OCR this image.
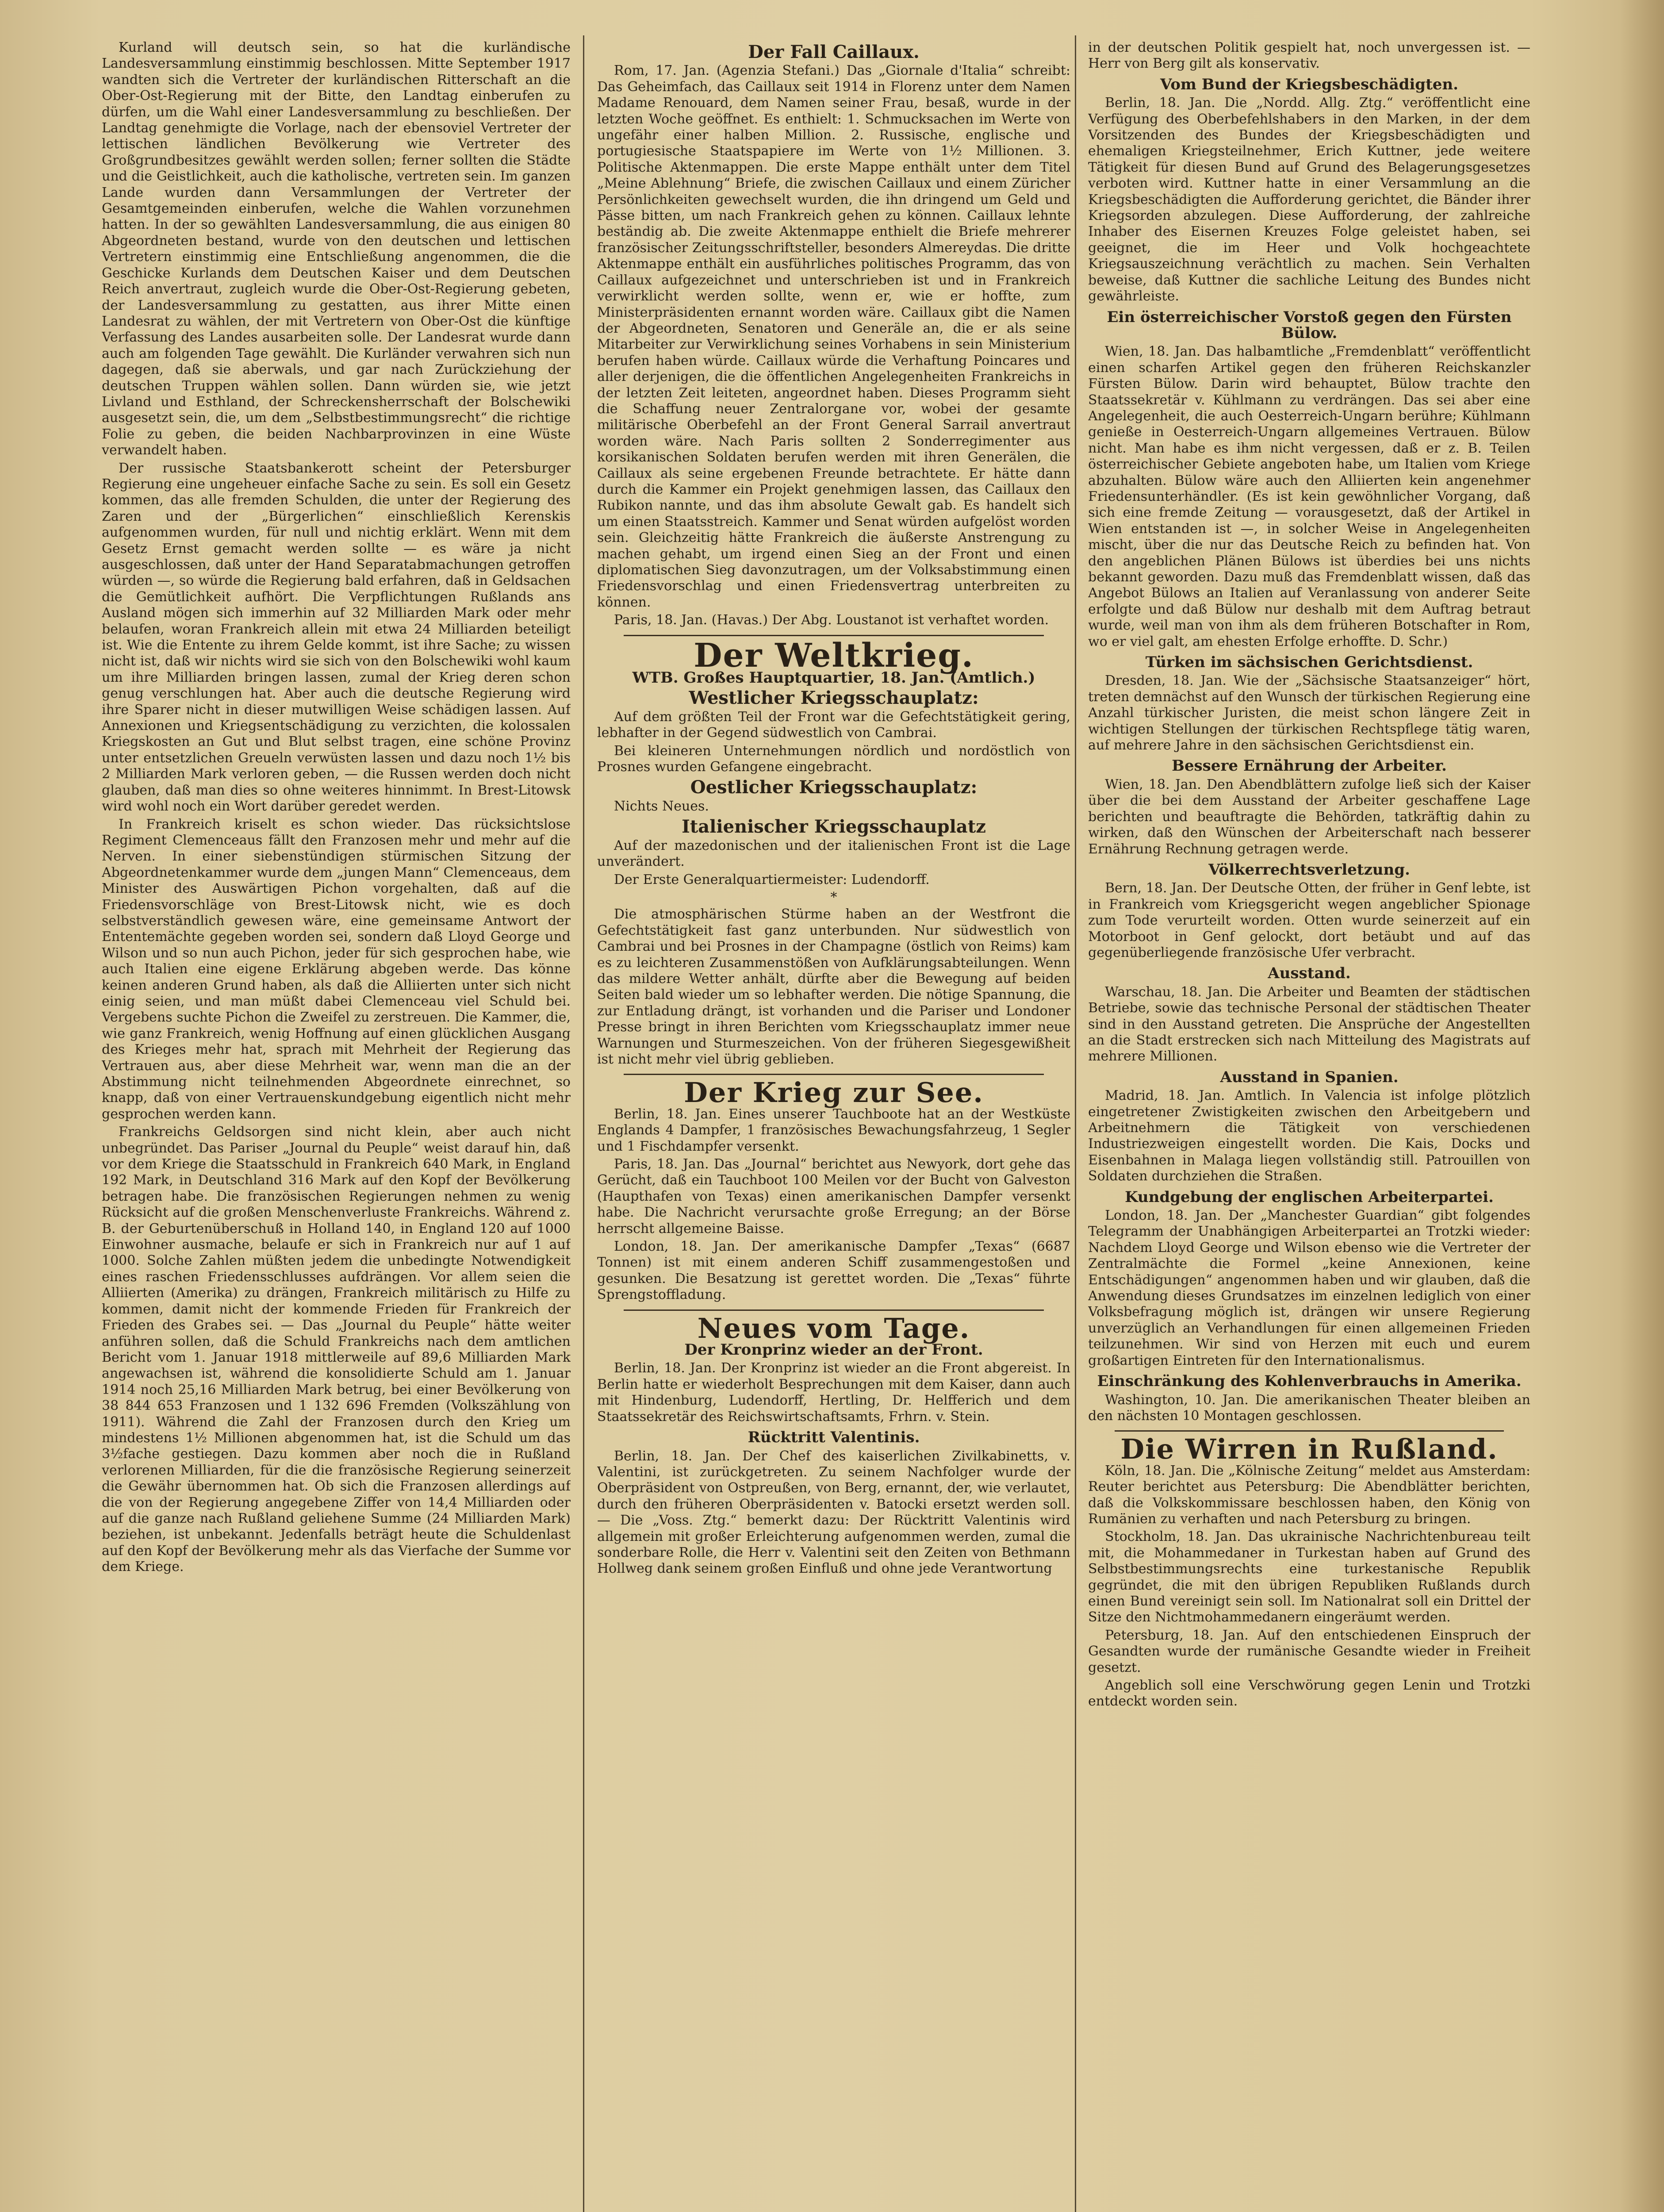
Kurland will deutsch sein, so hat die kurländische Landesversammlung einstimmig beschlossen. Mitte September 1917 wandten sich die Vertreter der kurländischen Ritterschaft an die Ober-Ost-Regierung mit der Bitte, den Landtag einberufen zu dürfen, um die Wahl einer Landesversammlung zu beschließen. Der Landtag genehmigte die Vorlage, nach der ebensoviel Vertreter der lettischen ländlichen Bevölkerung wie Vertreter des Großgrundbesitzes gewählt werden sollen; ferner sollten die Städte und die Geistlichkeit, auch die katholische, vertreten sein. Im ganzen Lande wurden dann Versammlungen der Vertreter der Gesamtgemeinden einberufen, welche die Wahlen vorzunehmen hatten. In der so gewählten Landesversammlung, die aus einigen 80 Abgeordneten bestand, wurde von den deutschen und lettischen Vertretern einstimmig eine Entschließung angenommen, die die Geschicke Kurlands dem Deutschen Kaiser und dem Deutschen Reich anvertraut, zugleich wurde die Ober-Ost-Regierung gebeten, der Landesversammlung zu gestatten, aus ihrer Mitte einen Landesrat zu wählen, der mit Vertretern von Ober-Ost die künftige Verfassung des Landes ausarbeiten solle. Der Landesrat wurde dann auch am folgenden Tage gewählt. Die Kurländer verwahren sich nun dagegen, daß sie aberwals, und gar nach Zurückziehung der deutschen Truppen wählen sollen. Dann würden sie, wie jetzt Livland und Esthland, der Schreckensherrschaft der Bolschewiki ausgesetzt sein, die, um dem „Selbstbestimmungsrecht“ die richtige Folie zu geben, die beiden Nachbarprovinzen in eine Wüste verwandelt haben.

Der russische Staatsbankerott scheint der Petersburger Regierung eine ungeheuer einfache Sache zu sein. Es soll ein Gesetz kommen, das alle fremden Schulden, die unter der Regierung des Zaren und der „Bürgerlichen“ einschließlich Kerenskis aufgenommen wurden, für null und nichtig erklärt. Wenn mit dem Gesetz Ernst gemacht werden sollte — es wäre ja nicht ausgeschlossen, daß unter der Hand Separatabmachungen getroffen würden —, so würde die Regierung bald erfahren, daß in Geldsachen die Gemütlichkeit aufhört. Die Verpflichtungen Rußlands ans Ausland mögen sich immerhin auf 32 Milliarden Mark oder mehr belaufen, woran Frankreich allein mit etwa 24 Milliarden beteiligt ist. Wie die Entente zu ihrem Gelde kommt, ist ihre Sache; zu wissen nicht ist, daß wir nichts wird sie sich von den Bolschewiki wohl kaum um ihre Milliarden bringen lassen, zumal der Krieg deren schon genug verschlungen hat. Aber auch die deutsche Regierung wird ihre Sparer nicht in dieser mutwilligen Weise schädigen lassen. Auf Annexionen und Kriegsentschädigung zu verzichten, die kolossalen Kriegskosten an Gut und Blut selbst tragen, eine schöne Provinz unter entsetzlichen Greueln verwüsten lassen und dazu noch 1½ bis 2 Milliarden Mark verloren geben, — die Russen werden doch nicht glauben, daß man dies so ohne weiteres hinnimmt. In Brest-Litowsk wird wohl noch ein Wort darüber geredet werden.

In Frankreich kriselt es schon wieder. Das rücksichtslose Regiment Clemenceaus fällt den Franzosen mehr und mehr auf die Nerven. In einer siebenstündigen stürmischen Sitzung der Abgeordnetenkammer wurde dem „jungen Mann“ Clemenceaus, dem Minister des Auswärtigen Pichon vorgehalten, daß auf die Friedensvorschläge von Brest-Litowsk nicht, wie es doch selbstverständlich gewesen wäre, eine gemeinsame Antwort der Ententemächte gegeben worden sei, sondern daß Lloyd George und Wilson und so nun auch Pichon, jeder für sich gesprochen habe, wie auch Italien eine eigene Erklärung abgeben werde. Das könne keinen anderen Grund haben, als daß die Alliierten unter sich nicht einig seien, und man müßt dabei Clemenceau viel Schuld bei. Vergebens suchte Pichon die Zweifel zu zerstreuen. Die Kammer, die, wie ganz Frankreich, wenig Hoffnung auf einen glücklichen Ausgang des Krieges mehr hat, sprach mit Mehrheit der Regierung das Vertrauen aus, aber diese Mehrheit war, wenn man die an der Abstimmung nicht teilnehmenden Abgeordnete einrechnet, so knapp, daß von einer Vertrauenskundgebung eigentlich nicht mehr gesprochen werden kann.

Frankreichs Geldsorgen sind nicht klein, aber auch nicht unbegründet. Das Pariser „Journal du Peuple“ weist darauf hin, daß vor dem Kriege die Staatsschuld in Frankreich 640 Mark, in England 192 Mark, in Deutschland 316 Mark auf den Kopf der Bevölkerung betragen habe. Die französischen Regierungen nehmen zu wenig Rücksicht auf die großen Menschenverluste Frankreichs. Während z. B. der Geburtenüberschuß in Holland 140, in England 120 auf 1000 Einwohner ausmache, belaufe er sich in Frankreich nur auf 1 auf 1000. Solche Zahlen müßten jedem die unbedingte Notwendigkeit eines raschen Friedensschlusses aufdrängen. Vor allem seien die Alliierten (Amerika) zu drängen, Frankreich militärisch zu Hilfe zu kommen, damit nicht der kommende Frieden für Frankreich der Frieden des Grabes sei. — Das „Journal du Peuple“ hätte weiter anführen sollen, daß die Schuld Frankreichs nach dem amtlichen Bericht vom 1. Januar 1918 mittlerweile auf 89,6 Milliarden Mark angewachsen ist, während die konsolidierte Schuld am 1. Januar 1914 noch 25,16 Milliarden Mark betrug, bei einer Bevölkerung von 38 844 653 Franzosen und 1 132 696 Fremden (Volkszählung von 1911). Während die Zahl der Franzosen durch den Krieg um mindestens 1½ Millionen abgenommen hat, ist die Schuld um das 3½fache gestiegen. Dazu kommen aber noch die in Rußland verlorenen Milliarden, für die die französische Regierung seinerzeit die Gewähr übernommen hat. Ob sich die Franzosen allerdings auf die von der Regierung angegebene Ziffer von 14,4 Milliarden oder auf die ganze nach Rußland geliehene Summe (24 Milliarden Mark) beziehen, ist unbekannt. Jedenfalls beträgt heute die Schuldenlast auf den Kopf der Bevölkerung mehr als das Vierfache der Summe vor dem Kriege.

Der Fall Caillaux.

Rom, 17. Jan. (Agenzia Stefani.) Das „Giornale d'Italia“ schreibt: Das Geheimfach, das Caillaux seit 1914 in Florenz unter dem Namen Madame Renouard, dem Namen seiner Frau, besaß, wurde in der letzten Woche geöffnet. Es enthielt: 1. Schmucksachen im Werte von ungefähr einer halben Million. 2. Russische, englische und portugiesische Staatspapiere im Werte von 1½ Millionen. 3. Politische Aktenmappen. Die erste Mappe enthält unter dem Titel „Meine Ablehnung“ Briefe, die zwischen Caillaux und einem Züricher Persönlichkeiten gewechselt wurden, die ihn dringend um Geld und Pässe bitten, um nach Frankreich gehen zu können. Caillaux lehnte beständig ab. Die zweite Aktenmappe enthielt die Briefe mehrerer französischer Zeitungsschriftsteller, besonders Almereydas. Die dritte Aktenmappe enthält ein ausführliches politisches Programm, das von Caillaux aufgezeichnet und unterschrieben ist und in Frankreich verwirklicht werden sollte, wenn er, wie er hoffte, zum Ministerpräsidenten ernannt worden wäre. Caillaux gibt die Namen der Abgeordneten, Senatoren und Generäle an, die er als seine Mitarbeiter zur Verwirklichung seines Vorhabens in sein Ministerium berufen haben würde. Caillaux würde die Verhaftung Poincares und aller derjenigen, die die öffentlichen Angelegenheiten Frankreichs in der letzten Zeit leiteten, angeordnet haben. Dieses Programm sieht die Schaffung neuer Zentralorgane vor, wobei der gesamte militärische Oberbefehl an der Front General Sarrail anvertraut worden wäre. Nach Paris sollten 2 Sonderregimenter aus korsikanischen Soldaten berufen werden mit ihren Generälen, die Caillaux als seine ergebenen Freunde betrachtete. Er hätte dann durch die Kammer ein Projekt genehmigen lassen, das Caillaux den Rubikon nannte, und das ihm absolute Gewalt gab. Es handelt sich um einen Staatsstreich. Kammer und Senat würden aufgelöst worden sein. Gleichzeitig hätte Frankreich die äußerste Anstrengung zu machen gehabt, um irgend einen Sieg an der Front und einen diplomatischen Sieg davonzutragen, um der Volksabstimmung einen Friedensvorschlag und einen Friedensvertrag unterbreiten zu können.

Paris, 18. Jan. (Havas.) Der Abg. Loustanot ist verhaftet worden.

Der Weltkrieg.
WTB. Großes Hauptquartier, 18. Jan. (Amtlich.)
Westlicher Kriegsschauplatz:

Auf dem größten Teil der Front war die Gefechtstätigkeit gering, lebhafter in der Gegend südwestlich von Cambrai.

Bei kleineren Unternehmungen nördlich und nordöstlich von Prosnes wurden Gefangene eingebracht.

Oestlicher Kriegsschauplatz:

Nichts Neues.

Italienischer Kriegsschauplatz

Auf der mazedonischen und der italienischen Front ist die Lage unverändert.

Der Erste Generalquartiermeister: Ludendorff.

*

Die atmosphärischen Stürme haben an der Westfront die Gefechtstätigkeit fast ganz unterbunden. Nur südwestlich von Cambrai und bei Prosnes in der Champagne (östlich von Reims) kam es zu leichteren Zusammenstößen von Aufklärungsabteilungen. Wenn das mildere Wetter anhält, dürfte aber die Bewegung auf beiden Seiten bald wieder um so lebhafter werden. Die nötige Spannung, die zur Entladung drängt, ist vorhanden und die Pariser und Londoner Presse bringt in ihren Berichten vom Kriegsschauplatz immer neue Warnungen und Sturmeszeichen. Von der früheren Siegesgewißheit ist nicht mehr viel übrig geblieben.

Der Krieg zur See.

Berlin, 18. Jan. Eines unserer Tauchboote hat an der Westküste Englands 4 Dampfer, 1 französisches Bewachungsfahrzeug, 1 Segler und 1 Fischdampfer versenkt.

Paris, 18. Jan. Das „Journal“ berichtet aus Newyork, dort gehe das Gerücht, daß ein Tauchboot 100 Meilen vor der Bucht von Galveston (Haupthafen von Texas) einen amerikanischen Dampfer versenkt habe. Die Nachricht verursachte große Erregung; an der Börse herrscht allgemeine Baisse.

London, 18. Jan. Der amerikanische Dampfer „Texas“ (6687 Tonnen) ist mit einem anderen Schiff zusammengestoßen und gesunken. Die Besatzung ist gerettet worden. Die „Texas“ führte Sprengstoffladung.

Neues vom Tage.
Der Kronprinz wieder an der Front.

Berlin, 18. Jan. Der Kronprinz ist wieder an die Front abgereist. In Berlin hatte er wiederholt Besprechungen mit dem Kaiser, dann auch mit Hindenburg, Ludendorff, Hertling, Dr. Helfferich und dem Staatssekretär des Reichswirtschaftsamts, Frhrn. v. Stein.

Rücktritt Valentinis.

Berlin, 18. Jan. Der Chef des kaiserlichen Zivilkabinetts, v. Valentini, ist zurückgetreten. Zu seinem Nachfolger wurde der Oberpräsident von Ostpreußen, von Berg, ernannt, der, wie verlautet, durch den früheren Oberpräsidenten v. Batocki ersetzt werden soll. — Die „Voss. Ztg.“ bemerkt dazu: Der Rücktritt Valentinis wird allgemein mit großer Erleichterung aufgenommen werden, zumal die sonderbare Rolle, die Herr v. Valentini seit den Zeiten von Bethmann Hollweg dank seinem großen Einfluß und ohne jede Verantwortung

in der deutschen Politik gespielt hat, noch unvergessen ist. — Herr von Berg gilt als konservativ.

Vom Bund der Kriegsbeschädigten.

Berlin, 18. Jan. Die „Nordd. Allg. Ztg.“ veröffentlicht eine Verfügung des Oberbefehlshabers in den Marken, in der dem Vorsitzenden des Bundes der Kriegsbeschädigten und ehemaligen Kriegsteilnehmer, Erich Kuttner, jede weitere Tätigkeit für diesen Bund auf Grund des Belagerungsgesetzes verboten wird. Kuttner hatte in einer Versammlung an die Kriegsbeschädigten die Aufforderung gerichtet, die Bänder ihrer Kriegsorden abzulegen. Diese Aufforderung, der zahlreiche Inhaber des Eisernen Kreuzes Folge geleistet haben, sei geeignet, die im Heer und Volk hochgeachtete Kriegsauszeichnung verächtlich zu machen. Sein Verhalten beweise, daß Kuttner die sachliche Leitung des Bundes nicht gewährleiste.

Ein österreichischer Vorstoß gegen den Fürsten Bülow.

Wien, 18. Jan. Das halbamtliche „Fremdenblatt“ veröffentlicht einen scharfen Artikel gegen den früheren Reichskanzler Fürsten Bülow. Darin wird behauptet, Bülow trachte den Staatssekretär v. Kühlmann zu verdrängen. Das sei aber eine Angelegenheit, die auch Oesterreich-Ungarn berühre; Kühlmann genieße in Oesterreich-Ungarn allgemeines Vertrauen. Bülow nicht. Man habe es ihm nicht vergessen, daß er z. B. Teilen österreichischer Gebiete angeboten habe, um Italien vom Kriege abzuhalten. Bülow wäre auch den Alliierten kein angenehmer Friedensunterhändler. (Es ist kein gewöhnlicher Vorgang, daß sich eine fremde Zeitung — vorausgesetzt, daß der Artikel in Wien entstanden ist —, in solcher Weise in Angelegenheiten mischt, über die nur das Deutsche Reich zu befinden hat. Von den angeblichen Plänen Bülows ist überdies bei uns nichts bekannt geworden. Dazu muß das Fremdenblatt wissen, daß das Angebot Bülows an Italien auf Veranlassung von anderer Seite erfolgte und daß Bülow nur deshalb mit dem Auftrag betraut wurde, weil man von ihm als dem früheren Botschafter in Rom, wo er viel galt, am ehesten Erfolge erhoffte. D. Schr.)

Türken im sächsischen Gerichtsdienst.

Dresden, 18. Jan. Wie der „Sächsische Staatsanzeiger“ hört, treten demnächst auf den Wunsch der türkischen Regierung eine Anzahl türkischer Juristen, die meist schon längere Zeit in wichtigen Stellungen der türkischen Rechtspflege tätig waren, auf mehrere Jahre in den sächsischen Gerichtsdienst ein.

Bessere Ernährung der Arbeiter.

Wien, 18. Jan. Den Abendblättern zufolge ließ sich der Kaiser über die bei dem Ausstand der Arbeiter geschaffene Lage berichten und beauftragte die Behörden, tatkräftig dahin zu wirken, daß den Wünschen der Arbeiterschaft nach besserer Ernährung Rechnung getragen werde.

Völkerrechtsverletzung.

Bern, 18. Jan. Der Deutsche Otten, der früher in Genf lebte, ist in Frankreich vom Kriegsgericht wegen angeblicher Spionage zum Tode verurteilt worden. Otten wurde seinerzeit auf ein Motorboot in Genf gelockt, dort betäubt und auf das gegenüberliegende französische Ufer verbracht.

Ausstand.

Warschau, 18. Jan. Die Arbeiter und Beamten der städtischen Betriebe, sowie das technische Personal der städtischen Theater sind in den Ausstand getreten. Die Ansprüche der Angestellten an die Stadt erstrecken sich nach Mitteilung des Magistrats auf mehrere Millionen.

Ausstand in Spanien.

Madrid, 18. Jan. Amtlich. In Valencia ist infolge plötzlich eingetretener Zwistigkeiten zwischen den Arbeitgebern und Arbeitnehmern die Tätigkeit von verschiedenen Industriezweigen eingestellt worden. Die Kais, Docks und Eisenbahnen in Malaga liegen vollständig still. Patrouillen von Soldaten durchziehen die Straßen.

Kundgebung der englischen Arbeiterpartei.

London, 18. Jan. Der „Manchester Guardian“ gibt folgendes Telegramm der Unabhängigen Arbeiterpartei an Trotzki wieder: Nachdem Lloyd George und Wilson ebenso wie die Vertreter der Zentralmächte die Formel „keine Annexionen, keine Entschädigungen“ angenommen haben und wir glauben, daß die Anwendung dieses Grundsatzes im einzelnen lediglich von einer Volksbefragung möglich ist, drängen wir unsere Regierung unverzüglich an Verhandlungen für einen allgemeinen Frieden teilzunehmen. Wir sind von Herzen mit euch und eurem großartigen Eintreten für den Internationalismus.

Einschränkung des Kohlenverbrauchs in Amerika.

Washington, 10. Jan. Die amerikanischen Theater bleiben an den nächsten 10 Montagen geschlossen.

Die Wirren in Rußland.

Köln, 18. Jan. Die „Kölnische Zeitung“ meldet aus Amsterdam: Reuter berichtet aus Petersburg: Die Abendblätter berichten, daß die Volkskommissare beschlossen haben, den König von Rumänien zu verhaften und nach Petersburg zu bringen.

Stockholm, 18. Jan. Das ukrainische Nachrichtenbureau teilt mit, die Mohammedaner in Turkestan haben auf Grund des Selbstbestimmungsrechts eine turkestanische Republik gegründet, die mit den übrigen Republiken Rußlands durch einen Bund vereinigt sein soll. Im Nationalrat soll ein Drittel der Sitze den Nichtmohammedanern eingeräumt werden.

Petersburg, 18. Jan. Auf den entschiedenen Einspruch der Gesandten wurde der rumänische Gesandte wieder in Freiheit gesetzt.

Angeblich soll eine Verschwörung gegen Lenin und Trotzki entdeckt worden sein.
